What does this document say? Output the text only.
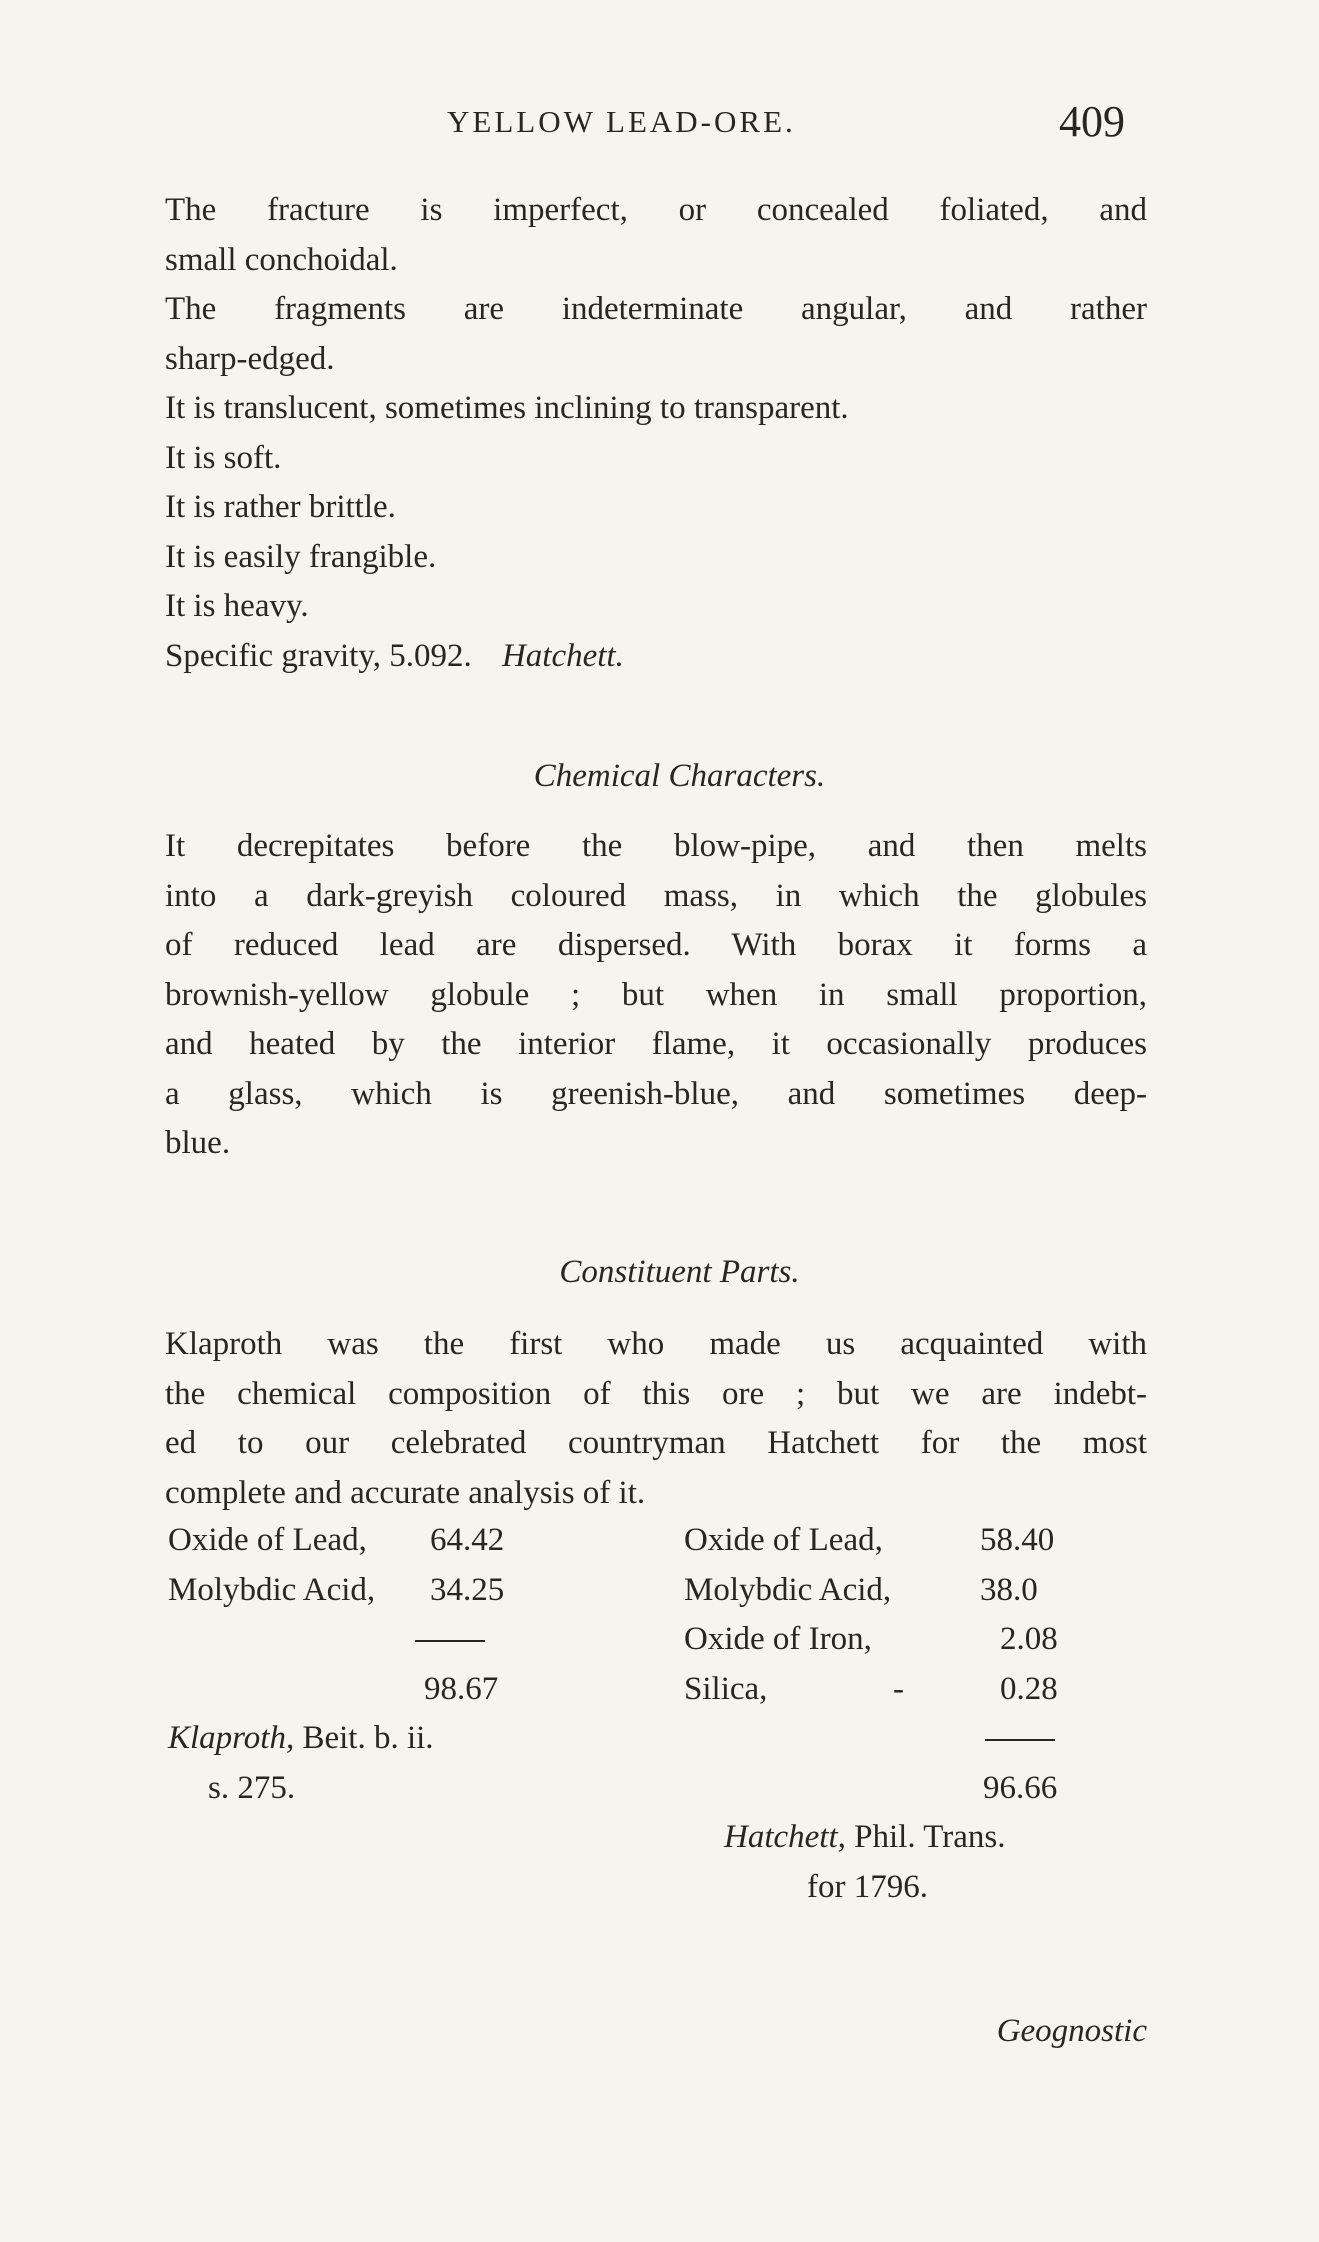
YELLOW LEAD-ORE.	409
The fracture is imperfect, or concealed foliated, and
small conchoidal.
The fragments are indeterminate angular, and rather
sharp-edged.
It is translucent, sometimes inclining to transparent.
It is soft.
It is rather brittle.
It is easily frangible.
It is heavy.
Specific gravity, 5.092. Hatchett.
Chemical Characters.
It decrepitates before the blow-pipe, and then melts
into a dark-greyish coloured mass, in which the globules
of reduced lead are dispersed. With borax it forms a
brownish-yellow globule ; but when in small proportion,
and heated by the interior flame, it occasionally produces
a glass, which is greenish-blue, and sometimes deep-
blue.
Constituent Parts.
Klaproth was the first who made us acquainted with
the chemical composition of this ore ; but we are indebt-
ed to our celebrated countryman Hatchett for the most
complete and accurate analysis of it.
Oxide of Lead, 64.42
Molybdic Acid, 34.25
98.67
Klaproth, Beit. b. ii.
s. 275.
Oxide of Lead,	58.40
Molybdic Acid,	38.0
Oxide of Iron,	2.08
Silica,	-	0.28
96.66
Hatchett, Phil. Trans.
for 1796.
Geognostic
